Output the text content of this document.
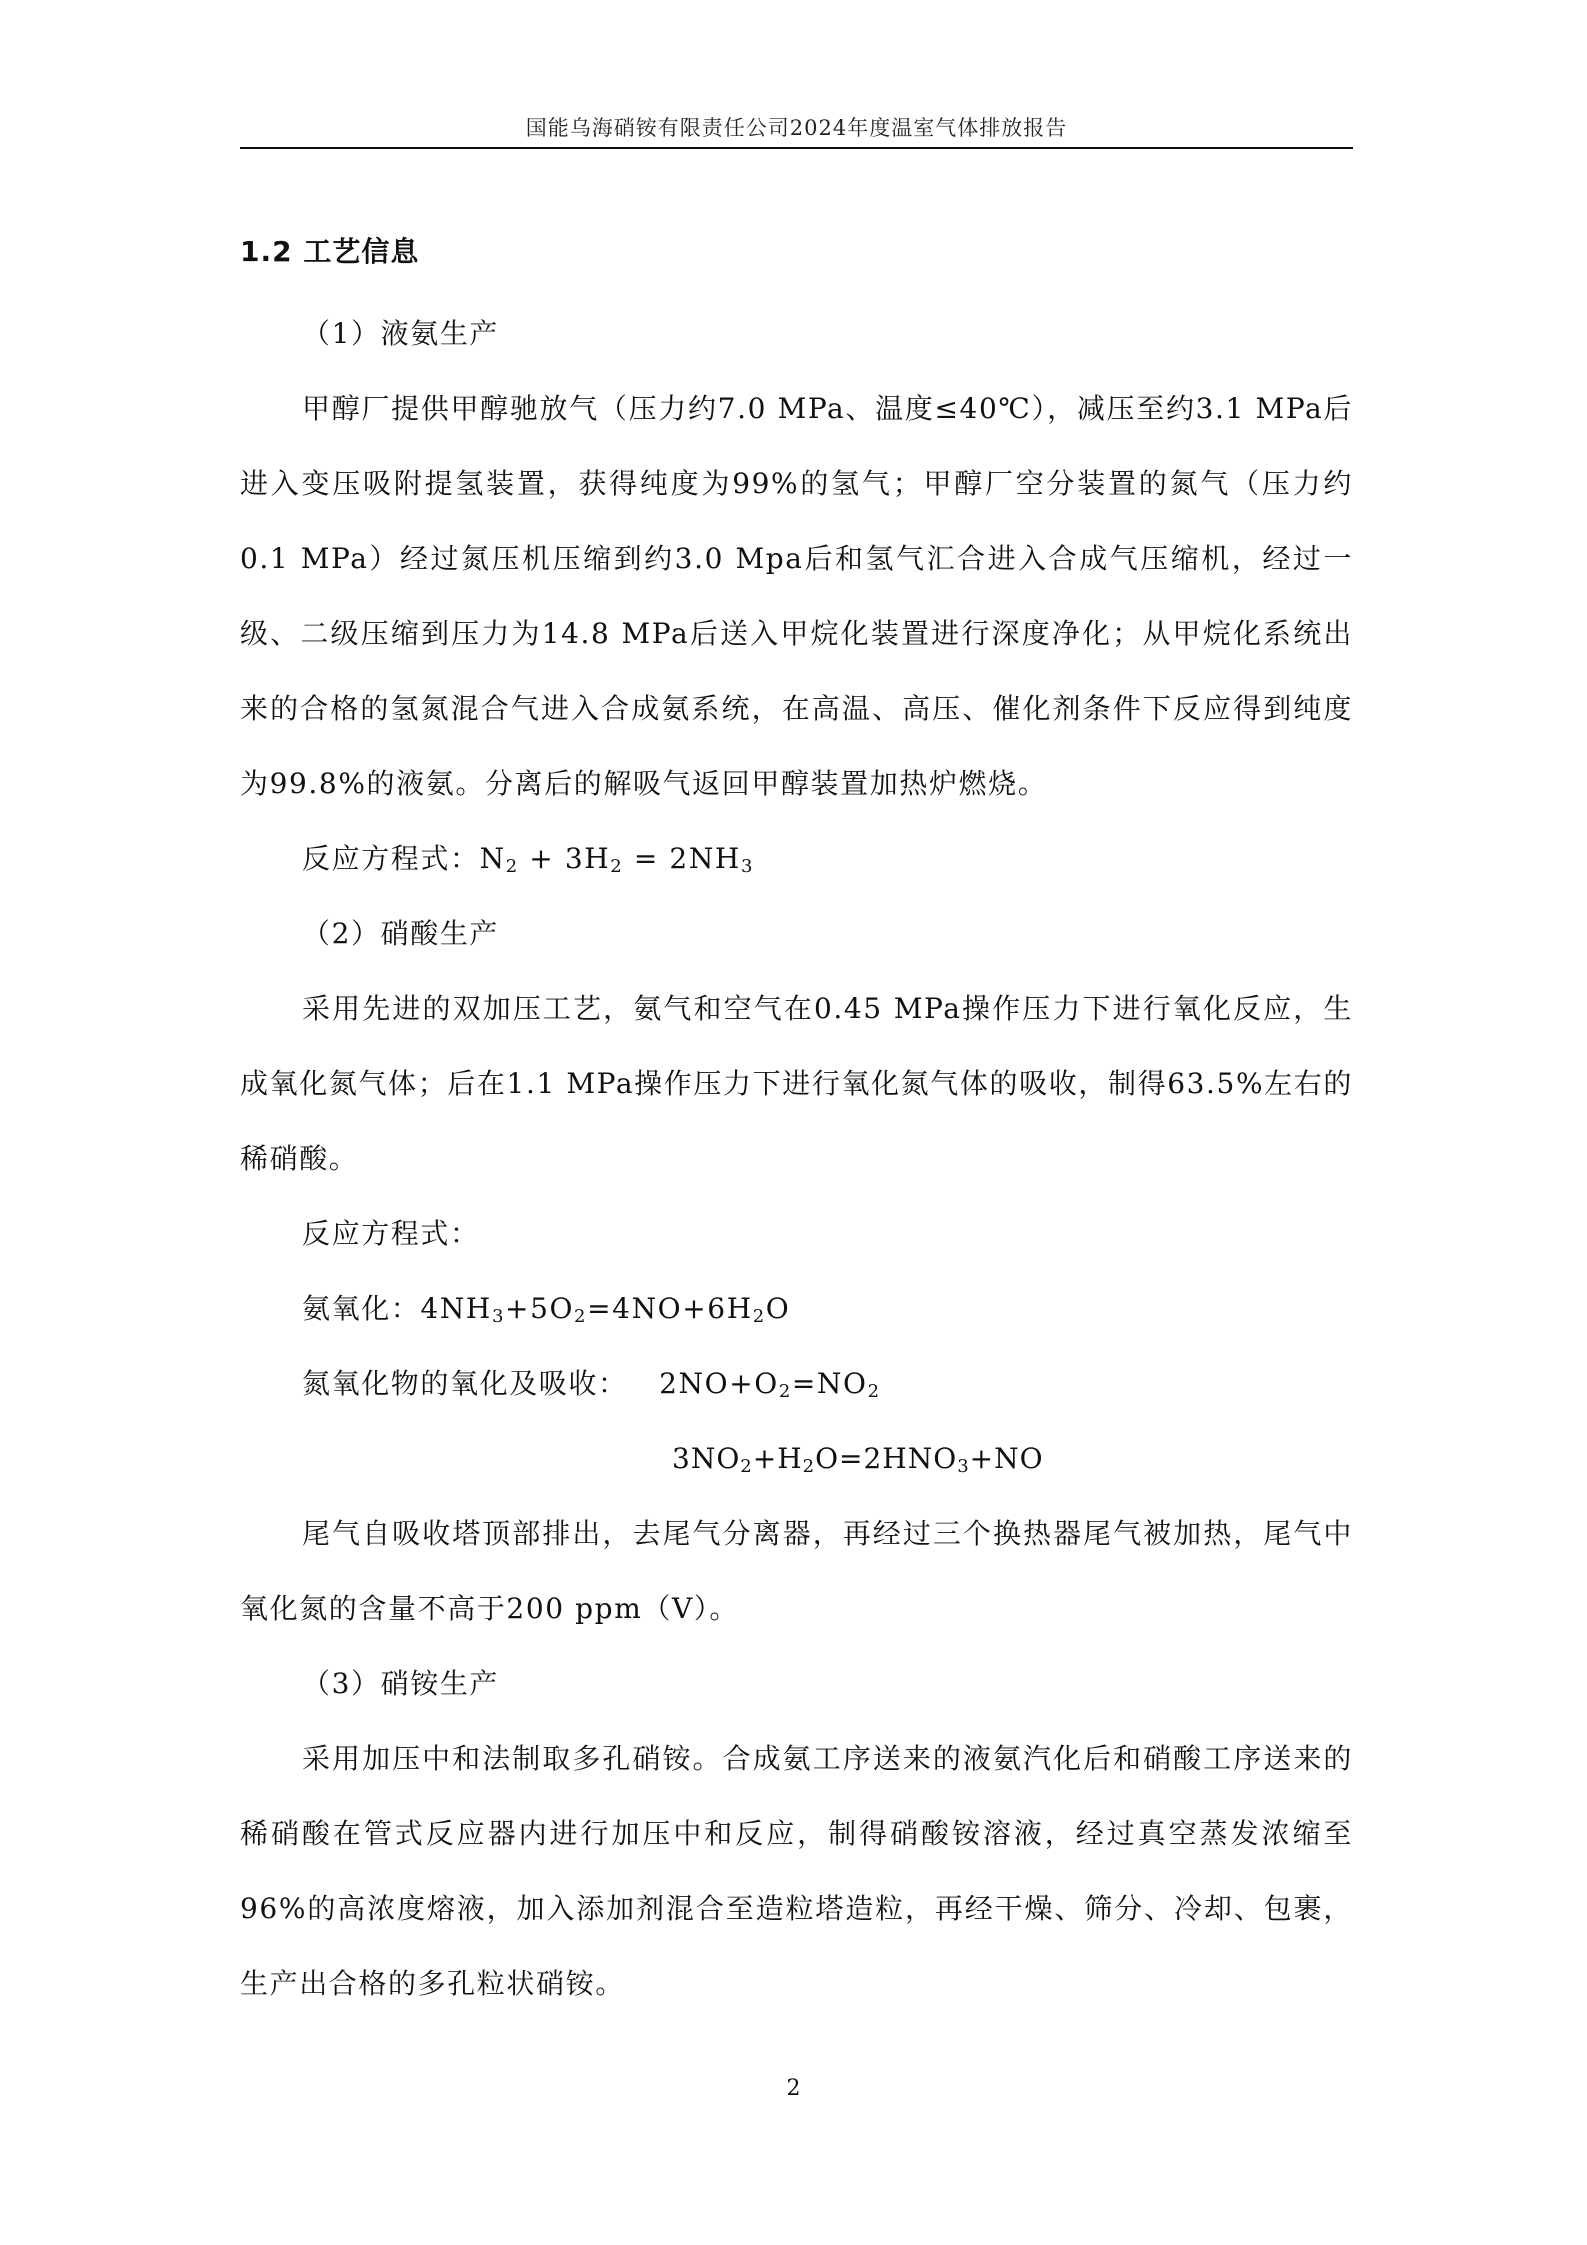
国能乌海硝铵有限责任公司2024年度温室气体排放报告
1.2 工艺信息

（1）液氨生产

甲醇厂提供甲醇驰放气（压力约7.0 MPa、温度≤40℃），减压至约3.1 MPa后进入变压吸附提氢装置，获得纯度为99%的氢气；甲醇厂空分装置的氮气（压力约0.1 MPa）经过氮压机压缩到约3.0 Mpa后和氢气汇合进入合成气压缩机，经过一级、二级压缩到压力为14.8 MPa后送入甲烷化装置进行深度净化；从甲烷化系统出来的合格的氢氮混合气进入合成氨系统，在高温、高压、催化剂条件下反应得到纯度为99.8%的液氨。分离后的解吸气返回甲醇装置加热炉燃烧。

反应方程式：$N_2 + 3H_2 = 2NH_3$

（2）硝酸生产

采用先进的双加压工艺，氨气和空气在0.45 MPa操作压力下进行氧化反应，生成氧化氮气体；后在1.1 MPa操作压力下进行氧化氮气体的吸收，制得63.5%左右的稀硝酸。

反应方程式：

氨氧化：$4NH_3+5O_2=4NO+6H_2O$

氮氧化物的氧化及吸收： $2NO+O_2=NO_2$

$3NO_2+H_2O=2HNO_3+NO$

尾气自吸收塔顶部排出，去尾气分离器，再经过三个换热器尾气被加热，尾气中氧化氮的含量不高于200 ppm（V）。

（3）硝铵生产

采用加压中和法制取多孔硝铵。合成氨工序送来的液氨汽化后和硝酸工序送来的稀硝酸在管式反应器内进行加压中和反应，制得硝酸铵溶液，经过真空蒸发浓缩至96%的高浓度熔液，加入添加剂混合至造粒塔造粒，再经干燥、筛分、冷却、包裹，生产出合格的多孔粒状硝铵。

2
